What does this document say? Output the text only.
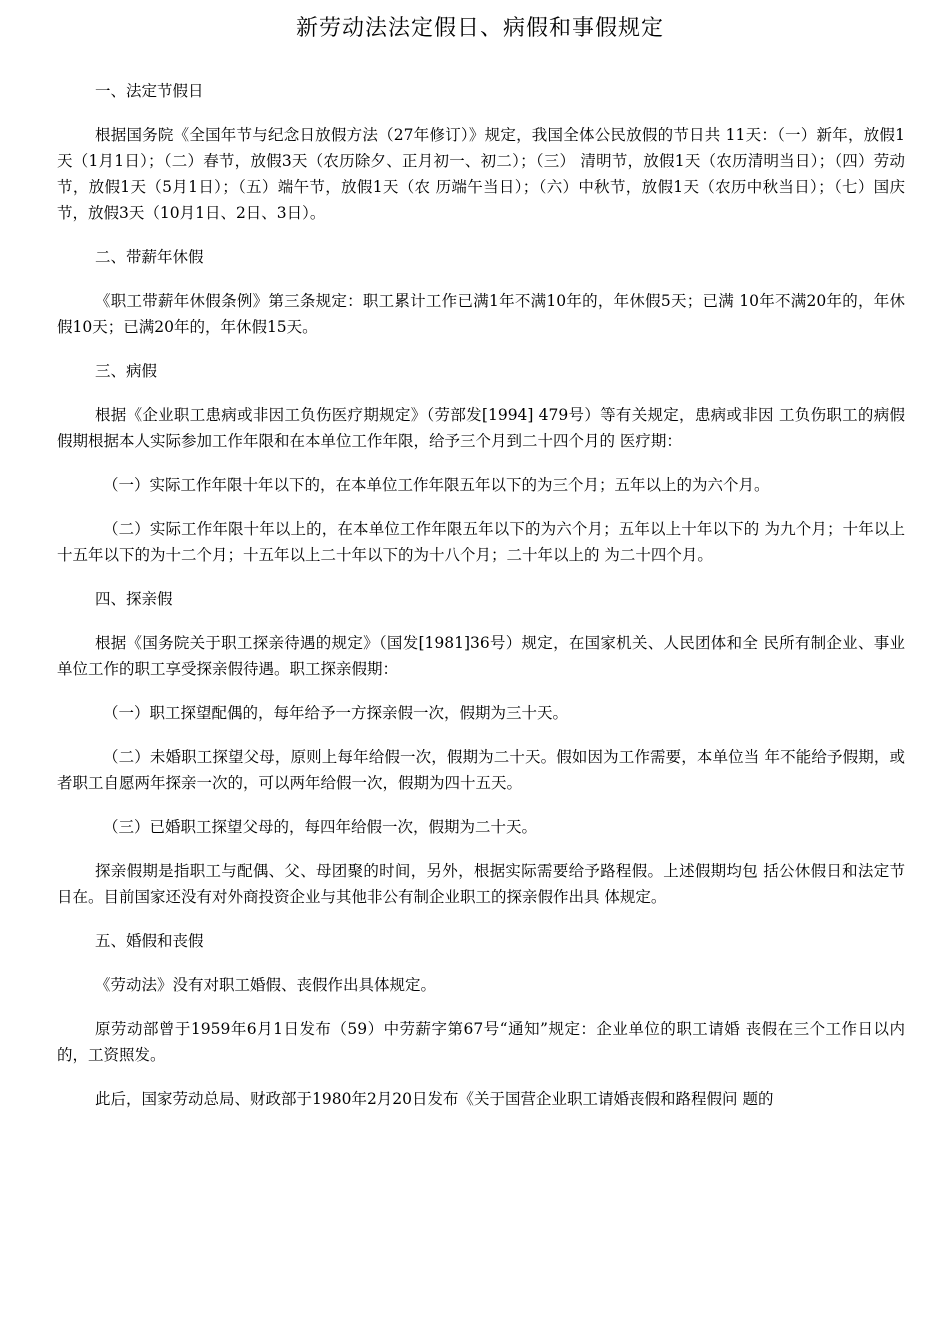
新劳动法法定假日、病假和事假规定
一、法定节假日
根据国务院《全国年节与纪念日放假方法（27年修订）》规定，我国全体公民放假的节日共 11天：（一）新年，放假1天（1月1日）；（二）春节，放假3天（农历除夕、正月初一、初二）；（三） 清明节，放假1天（农历清明当日）；（四）劳动节，放假1天（5月1日）；（五）端午节，放假1天（农 历端午当日）；（六）中秋节，放假1天（农历中秋当日）；（七）国庆节，放假3天（10月1日、2日、3日）。
二、带薪年休假
《职工带薪年休假条例》第三条规定：职工累计工作已满1年不满10年的，年休假5天；已满 10年不满20年的，年休假10天；已满20年的，年休假15天。
三、病假
根据《企业职工患病或非因工负伤医疗期规定》（劳部发[1994] 479号）等有关规定，患病或非因 工负伤职工的病假假期根据本人实际参加工作年限和在本单位工作年限，给予三个月到二十四个月的 医疗期：
（一）实际工作年限十年以下的，在本单位工作年限五年以下的为三个月；五年以上的为六个月。
（二）实际工作年限十年以上的，在本单位工作年限五年以下的为六个月；五年以上十年以下的 为九个月；十年以上十五年以下的为十二个月；十五年以上二十年以下的为十八个月；二十年以上的 为二十四个月。
四、探亲假
根据《国务院关于职工探亲待遇的规定》（国发[1981]36号）规定，在国家机关、人民团体和全 民所有制企业、事业单位工作的职工享受探亲假待遇。职工探亲假期：
（一）职工探望配偶的，每年给予一方探亲假一次，假期为三十天。
（二）未婚职工探望父母，原则上每年给假一次，假期为二十天。假如因为工作需要，本单位当 年不能给予假期，或者职工自愿两年探亲一次的，可以两年给假一次，假期为四十五天。
（三）已婚职工探望父母的，每四年给假一次，假期为二十天。
探亲假期是指职工与配偶、父、母团聚的时间，另外，根据实际需要给予路程假。上述假期均包 括公休假日和法定节日在。目前国家还没有对外商投资企业与其他非公有制企业职工的探亲假作出具 体规定。
五、婚假和丧假
《劳动法》没有对职工婚假、丧假作出具体规定。
原劳动部曾于1959年6月1日发布（59）中劳薪字第67号“通知”规定：企业单位的职工请婚 丧假在三个工作日以内的，工资照发。
此后，国家劳动总局、财政部于1980年2月20日发布《关于国营企业职工请婚丧假和路程假问 题的
